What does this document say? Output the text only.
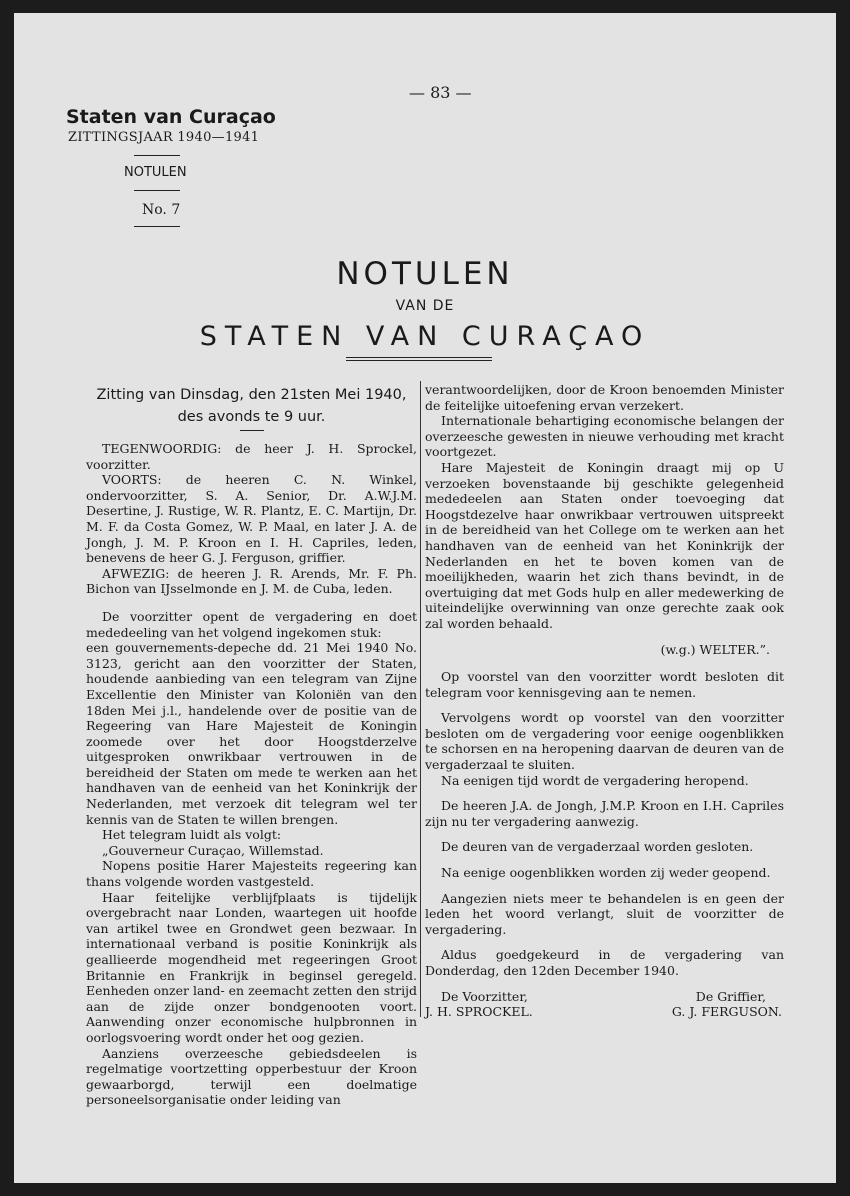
— 83 —
Staten van Curaçao
ZITTINGSJAAR 1940—1941
NOTULEN
No. 7
NOTULEN
VAN DE
STATEN VAN CURAÇAO
Zitting van Dinsdag, den 21sten Mei 1940,
des avonds te 9 uur.

TEGENWOORDIG: de heer J. H. Sprockel, voorzitter.

VOORTS: de heeren C. N. Winkel, ondervoorzitter, S. A. Senior, Dr. A.W.J.M. Desertine, J. Rustige, W. R. Plantz, E. C. Martijn, Dr. M. F. da Costa Gomez, W. P. Maal, en later J. A. de Jongh, J. M. P. Kroon en I. H. Capriles, leden, benevens de heer G. J. Ferguson, griffier.

AFWEZIG: de heeren J. R. Arends, Mr. F. Ph. Bichon van IJsselmonde en J. M. de Cuba, leden.

De voorzitter opent de vergadering en doet mededeeling van het volgend ingekomen stuk:

een gouvernements-depeche dd. 21 Mei 1940 No. 3123, gericht aan den voorzitter der Staten, houdende aanbieding van een telegram van Zijne Excellentie den Minister van Koloniën van den 18den Mei j.l., handelende over de positie van de Regeering van Hare Majesteit de Koningin zoomede over het door Hoogstderzelve uitgesproken onwrikbaar vertrouwen in de bereidheid der Staten om mede te werken aan het handhaven van de eenheid van het Koninkrijk der Nederlanden, met verzoek dit telegram wel ter kennis van de Staten te willen brengen.

Het telegram luidt als volgt:

„Gouverneur Curaçao, Willemstad.

Nopens positie Harer Majesteits regeering kan thans volgende worden vastgesteld.

Haar feitelijke verblijfplaats is tijdelijk overgebracht naar Londen, waartegen uit hoofde van artikel twee en Grondwet geen bezwaar. In internationaal verband is positie Koninkrijk als geallieerde mogendheid met regeeringen Groot Britannie en Frankrijk in beginsel geregeld. Eenheden onzer land- en zeemacht zetten den strijd aan de zijde onzer bondgenooten voort. Aanwending onzer economische hulpbronnen in oorlogsvoering wordt onder het oog gezien.

Aanziens overzeesche gebiedsdeelen is regelmatige voortzetting opperbestuur der Kroon gewaarborgd, terwijl een doelmatige personeelsorganisatie onder leiding van

verantwoordelijken, door de Kroon benoemden Minister de feitelijke uitoefening ervan verzekert.

Internationale behartiging economische belangen der overzeesche gewesten in nieuwe verhouding met kracht voortgezet.

Hare Majesteit de Koningin draagt mij op U verzoeken bovenstaande bij geschikte gelegenheid mededeelen aan Staten onder toevoeging dat Hoogstdezelve haar onwrikbaar vertrouwen uitspreekt in de bereidheid van het College om te werken aan het handhaven van de eenheid van het Koninkrijk der Nederlanden en het te boven komen van de moeilijkheden, waarin het zich thans bevindt, in de overtuiging dat met Gods hulp en aller medewerking de uiteindelijke overwinning van onze gerechte zaak ook zal worden behaald.

(w.g.) WELTER.”.

Op voorstel van den voorzitter wordt besloten dit telegram voor kennisgeving aan te nemen.

Vervolgens wordt op voorstel van den voorzitter besloten om de vergadering voor eenige oogenblikken te schorsen en na heropening daarvan de deuren van de vergaderzaal te sluiten.

Na eenigen tijd wordt de vergadering heropend.

De heeren J.A. de Jongh, J.M.P. Kroon en I.H. Capriles zijn nu ter vergadering aanwezig.

De deuren van de vergaderzaal worden gesloten.

Na eenige oogenblikken worden zij weder geopend.

Aangezien niets meer te behandelen is en geen der leden het woord verlangt, sluit de voorzitter de vergadering.

Aldus goedgekeurd in de vergadering van Donderdag, den 12den December 1940.

De Voorzitter,
J. H. SPROCKEL.
De Griffier,
G. J. FERGUSON.
